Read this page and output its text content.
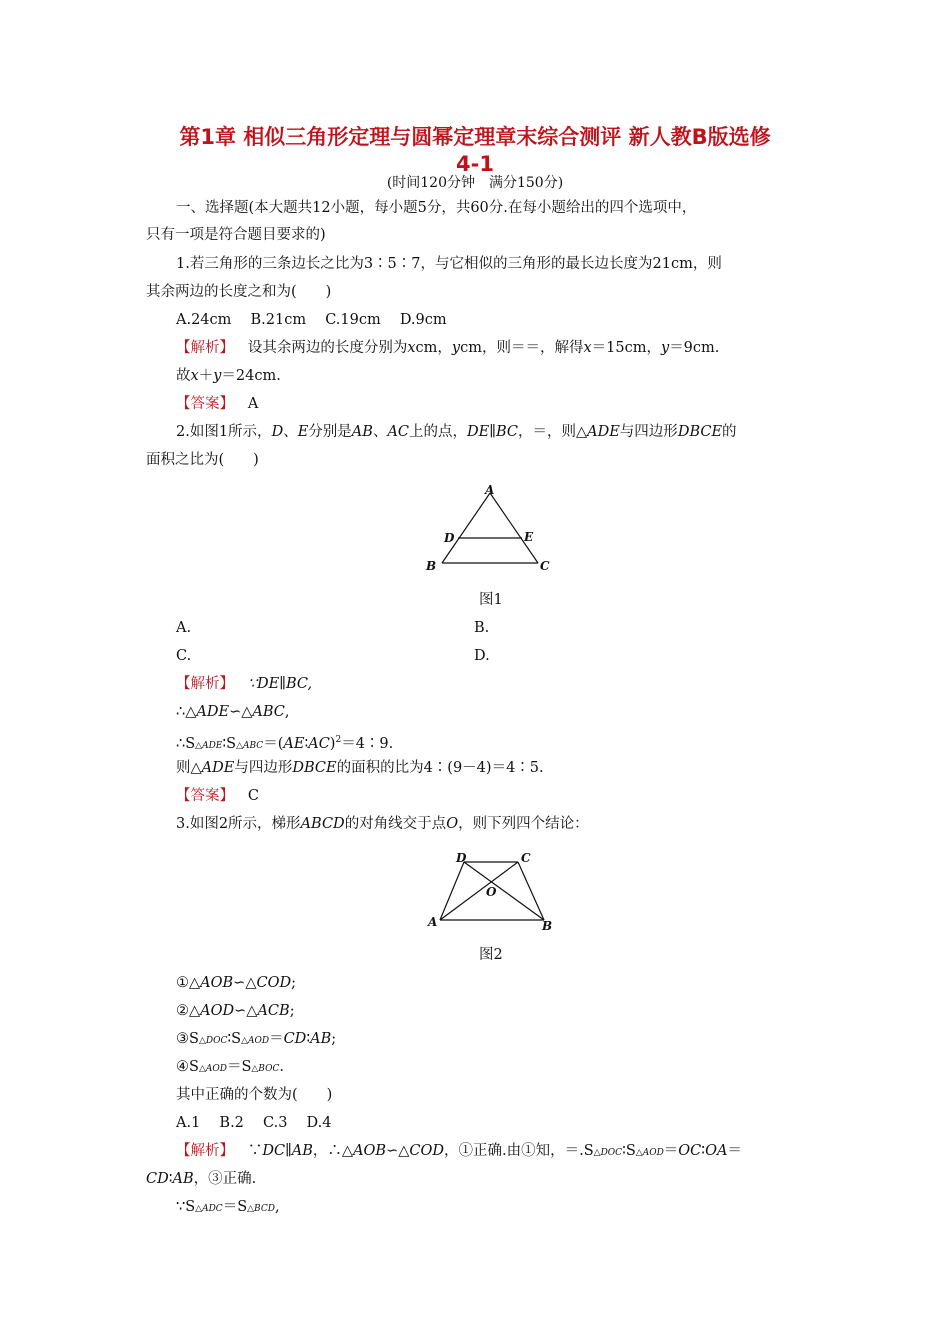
第1章 相似三角形定理与圆幂定理章末综合测评 新人教B版选修
4-1
(时间120分钟　满分150分)
一、选择题(本大题共12小题，每小题5分，共60分.在每小题给出的四个选项中，
只有一项是符合题目要求的)
1.若三角形的三条边长之比为3∶5∶7，与它相似的三角形的最长边长度为21cm，则
其余两边的长度之和为(　　)
A.24cm　 B.21cm　 C.19cm　 D.9cm
【解析】 设其余两边的长度分别为xcm，ycm，则＝＝，解得x＝15cm，y＝9cm.
故x＋y＝24cm.
【答案】 A
2.如图1所示，D、E分别是AB、AC上的点，DE∥BC，＝，则△ADE与四边形DBCE的
面积之比为(　　)
A
B	C
D	E
图1
A.	B.
C.	D.
【解析】 ∵DE∥BC,
∴△ADE∽△ABC,
∴S△ADE∶S△ABC＝(AE∶AC)$^2$＝4∶9.
则△ADE与四边形DBCE的面积的比为4∶(9－4)＝4∶5.
【答案】 C
3.如图2所示，梯形ABCD的对角线交于点O，则下列四个结论：
D	C
A	B
O
图2
①△AOB∽△COD;
②△AOD∽△ACB;
③S△DOC∶S△AOD＝CD∶AB;
④S△AOD＝S△BOC.
其中正确的个数为(　　)
A.1　 B.2　 C.3　 D.4
【解析】 ∵DC∥AB，∴△AOB∽△COD，①正确.由①知，＝.S△DOC∶S△AOD＝OC∶OA＝
CD∶AB，③正确.
∵S△ADC＝S△BCD,
